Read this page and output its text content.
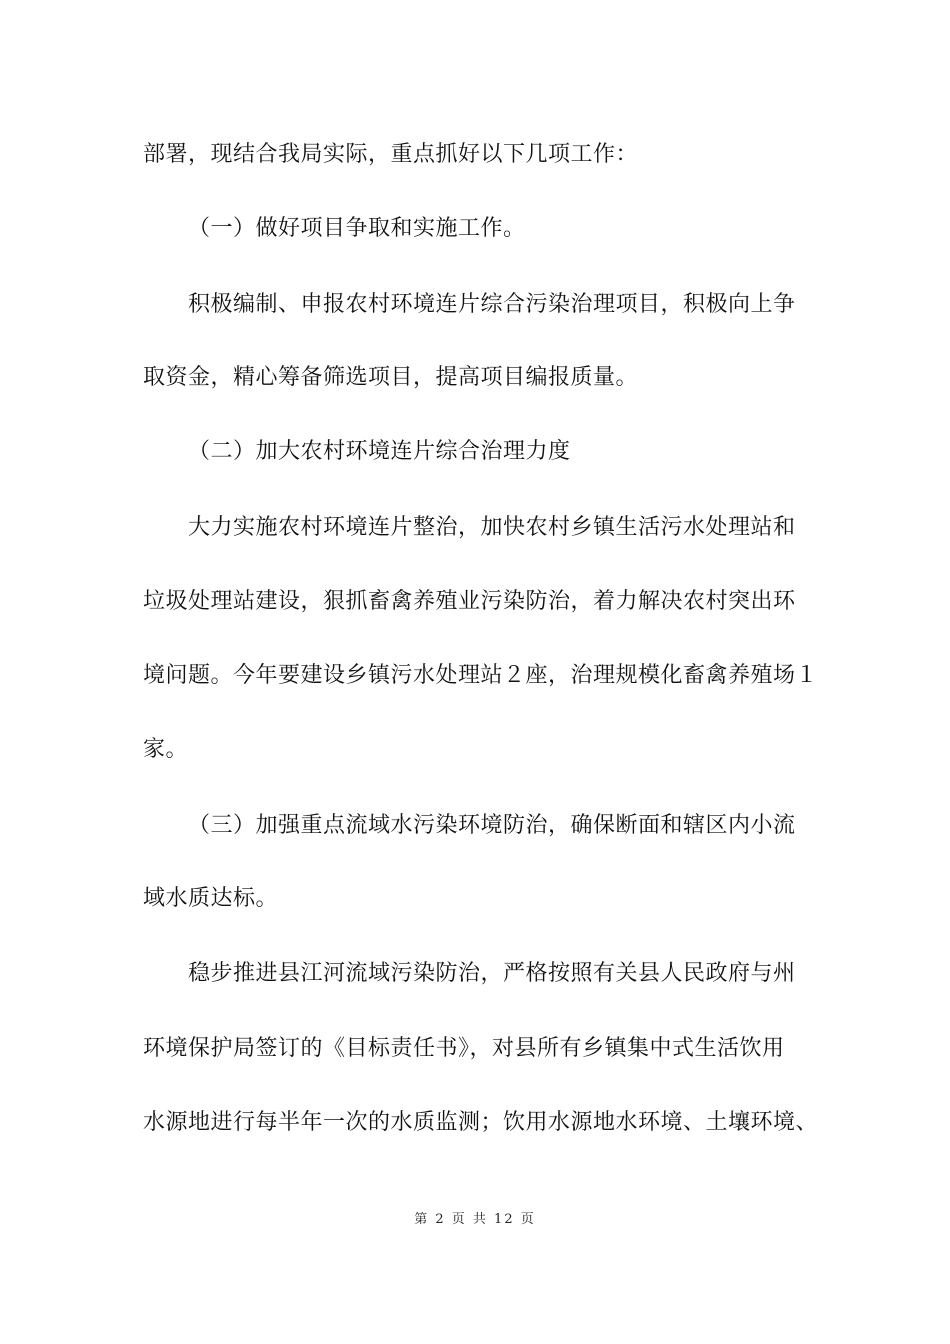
部署，现结合我局实际，重点抓好以下几项工作：
（一）做好项目争取和实施工作。
积极编制、申报农村环境连片综合污染治理项目，积极向上争
取资金，精心筹备筛选项目，提高项目编报质量。
（二）加大农村环境连片综合治理力度
大力实施农村环境连片整治，加快农村乡镇生活污水处理站和
垃圾处理站建设，狠抓畜禽养殖业污染防治，着力解决农村突出环
境问题。今年要建设乡镇污水处理站２座，治理规模化畜禽养殖场１
家。
（三）加强重点流域水污染环境防治，确保断面和辖区内小流
域水质达标。
稳步推进县江河流域污染防治，严格按照有关县人民政府与州
环境保护局签订的《目标责任书》，对县所有乡镇集中式生活饮用
水源地进行每半年一次的水质监测；饮用水源地水环境、土壤环境、
第 2 页 共 12 页
